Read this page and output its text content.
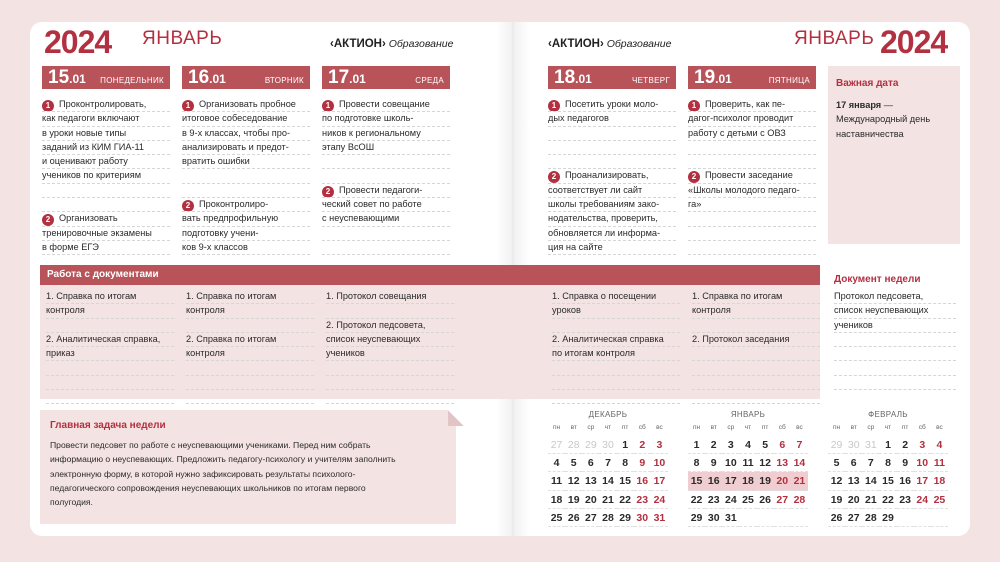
2024 ЯНВАРЬ	‹АКТИОН› Образование	‹АКТИОН› Образование	ЯНВАРЬ 2024
15.01 ПОНЕДЕЛЬНИК
1 Проконтролировать,
как педагоги включают
в уроки новые типы
заданий из КИМ ГИА-11
и оценивают работу
учеников по критериям
2 Организовать
тренировочные экзамены
в форме ЕГЭ
16.01	ВТОРНИК
1 Организовать пробное
итоговое собеседование
в 9-х классах, чтобы про-
анализировать и предот-
вратить ошибки
2 Проконтролиро-
вать предпрофильную
подготовку учени-
ков 9-х классов
17.01	СРЕДА
1 Провести совещание
по подготовке школь-
ников к региональному
этапу ВсОШ
2 Провести педагоги-
ческий совет по работе
с неуспевающими
18.01	ЧЕТВЕРГ
1 Посетить уроки моло-
дых педагогов
2 Проанализировать,
соответствует ли сайт
школы требованиям зако-
нодательства, проверить,
обновляется ли информа-
ция на сайте
19.01	ПЯТНИЦА
1 Проверить, как пе-
дагог-психолог проводит
работу с детьми с ОВЗ
2 Провести заседание
«Школы молодого педаго-
га»
Важная дата
17 января —
Международный день
наставничества
Работа с документами
1. Справка по итогам
контроля
2. Аналитическая справка,
приказ
1. Справка по итогам
контроля
2. Справка по итогам
контроля
1. Протокол совещания
2. Протокол педсовета,
список неуспевающих
учеников
1. Справка о посещении
уроков
2. Аналитическая справка
по итогам контроля
1. Справка по итогам
контроля
2. Протокол заседания
Документ недели
Протокол педсовета,
список неуспевающих
учеников
Главная задача недели
Провести педсовет по работе с неуспевающими учениками. Перед ним собрать
информацию о неуспевающих. Предложить педагогу-психологу и учителям заполнить
электронную форму, в которой нужно зафиксировать результаты психолого-
педагогического сопровождения неуспевающих школьников по итогам первого
полугодия.
ДЕКАБРЬ
пн	вт	ср	чт	пт	сб	вс
27 28 29 30 1	2	3
4	5	6	7	8	9 10
11 12 13 14 15 16 17
18 19 20 21 22 23 24
25 26 27 28 29 30 31
ЯНВАРЬ
пн	вт	ср	чт	пт	сб	вс
1	2	3	4	5	6	7
8	9 10 11 12 13 14
15 16 17 18 19 20 21
22 23 24 25 26 27 28
29 30 31
ФЕВРАЛЬ
пн	вт	ср	чт	пт	сб	вс
29 30 31 1	2	3	4
5	6	7	8	9 10 11
12 13 14 15 16 17 18
19 20 21 22 23 24 25
26 27 28 29
